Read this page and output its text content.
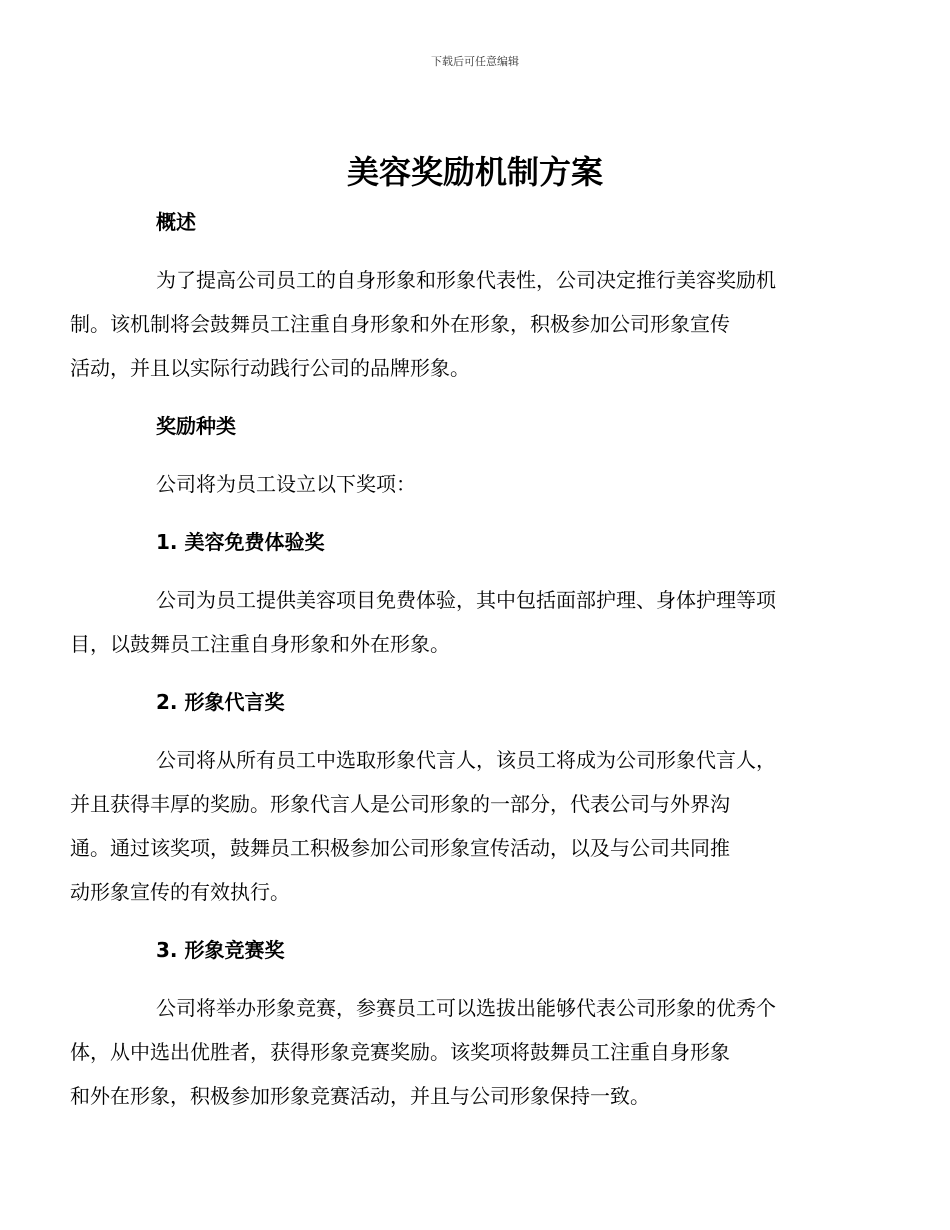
下载后可任意编辑
美容奖励机制方案
概述
为了提高公司员工的自身形象和形象代表性，公司决定推行美容奖励机
制。该机制将会鼓舞员工注重自身形象和外在形象，积极参加公司形象宣传
活动，并且以实际行动践行公司的品牌形象。
奖励种类
公司将为员工设立以下奖项：
1. 美容免费体验奖
公司为员工提供美容项目免费体验，其中包括面部护理、身体护理等项
目，以鼓舞员工注重自身形象和外在形象。
2. 形象代言奖
公司将从所有员工中选取形象代言人，该员工将成为公司形象代言人，
并且获得丰厚的奖励。形象代言人是公司形象的一部分，代表公司与外界沟
通。通过该奖项，鼓舞员工积极参加公司形象宣传活动，以及与公司共同推
动形象宣传的有效执行。
3. 形象竞赛奖
公司将举办形象竞赛，参赛员工可以选拔出能够代表公司形象的优秀个
体，从中选出优胜者，获得形象竞赛奖励。该奖项将鼓舞员工注重自身形象
和外在形象，积极参加形象竞赛活动，并且与公司形象保持一致。
